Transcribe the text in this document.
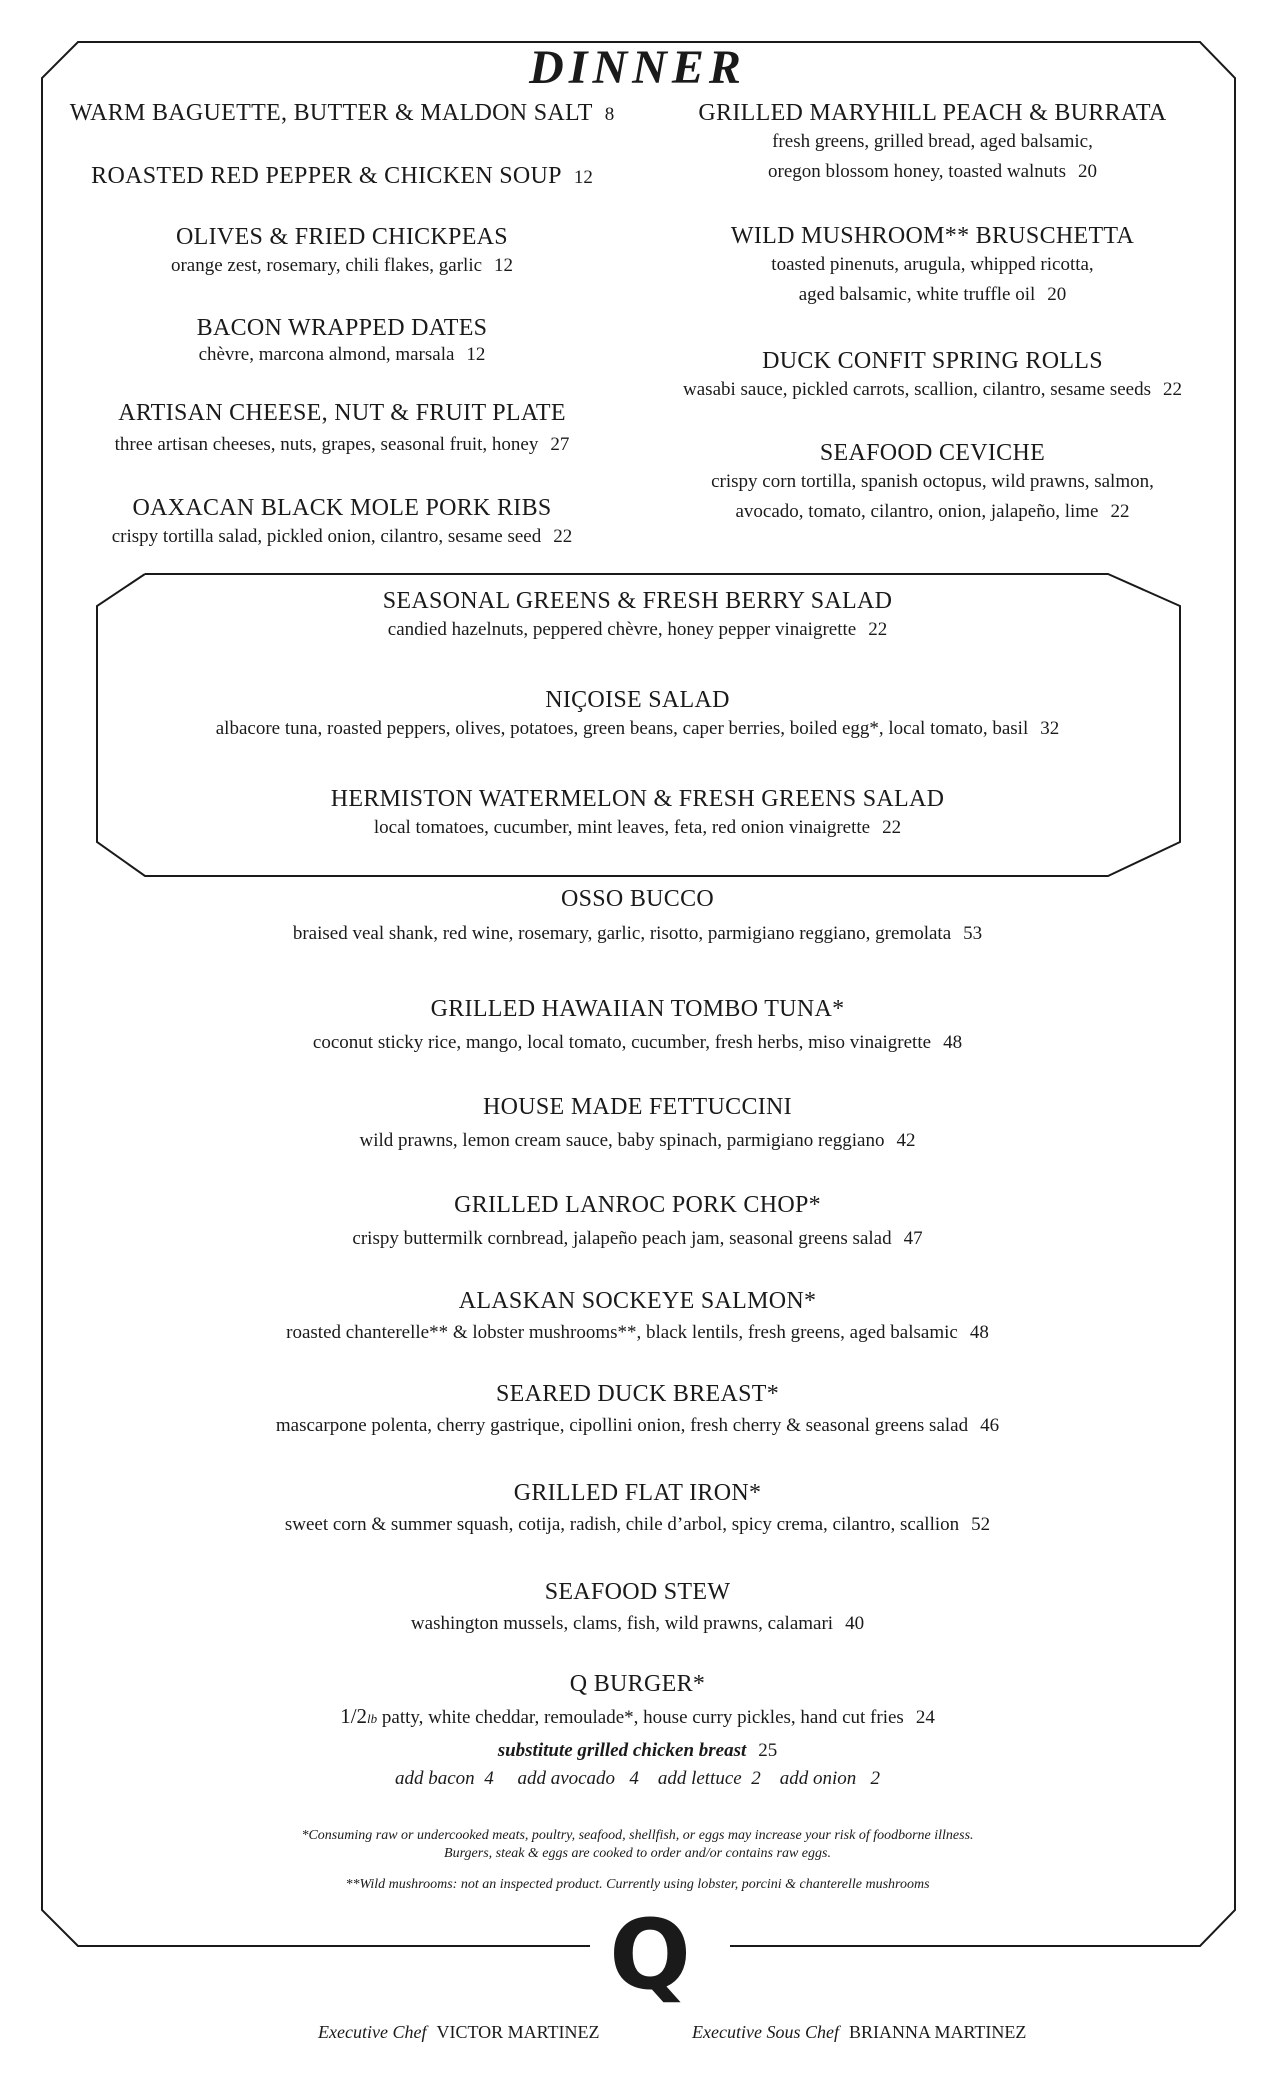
DINNER
WARM BAGUETTE, BUTTER & MALDON SALT 8
ROASTED RED PEPPER & CHICKEN SOUP 12
OLIVES & FRIED CHICKPEAS
orange zest, rosemary, chili flakes, garlic 12
BACON WRAPPED DATES
chèvre, marcona almond, marsala 12
ARTISAN CHEESE, NUT & FRUIT PLATE
three artisan cheeses, nuts, grapes, seasonal fruit, honey 27
OAXACAN BLACK MOLE PORK RIBS
crispy tortilla salad, pickled onion, cilantro, sesame seed 22
GRILLED MARYHILL PEACH & BURRATA
fresh greens, grilled bread, aged balsamic,
oregon blossom honey, toasted walnuts 20
WILD MUSHROOM** BRUSCHETTA
toasted pinenuts, arugula, whipped ricotta,
aged balsamic, white truffle oil 20
DUCK CONFIT SPRING ROLLS
wasabi sauce, pickled carrots, scallion, cilantro, sesame seeds 22
SEAFOOD CEVICHE
crispy corn tortilla, spanish octopus, wild prawns, salmon,
avocado, tomato, cilantro, onion, jalapeño, lime 22
SEASONAL GREENS & FRESH BERRY SALAD
candied hazelnuts, peppered chèvre, honey pepper vinaigrette 22
NIÇOISE SALAD
albacore tuna, roasted peppers, olives, potatoes, green beans, caper berries, boiled egg*, local tomato, basil 32
HERMISTON WATERMELON & FRESH GREENS SALAD
local tomatoes, cucumber, mint leaves, feta, red onion vinaigrette 22
OSSO BUCCO
braised veal shank, red wine, rosemary, garlic, risotto, parmigiano reggiano, gremolata 53
GRILLED HAWAIIAN TOMBO TUNA*
coconut sticky rice, mango, local tomato, cucumber, fresh herbs, miso vinaigrette 48
HOUSE MADE FETTUCCINI
wild prawns, lemon cream sauce, baby spinach, parmigiano reggiano 42
GRILLED LANROC PORK CHOP*
crispy buttermilk cornbread, jalapeño peach jam, seasonal greens salad 47
ALASKAN SOCKEYE SALMON*
roasted chanterelle** & lobster mushrooms**, black lentils, fresh greens, aged balsamic 48
SEARED DUCK BREAST*
mascarpone polenta, cherry gastrique, cipollini onion, fresh cherry & seasonal greens salad 46
GRILLED FLAT IRON*
sweet corn & summer squash, cotija, radish, chile d’arbol, spicy crema, cilantro, scallion 52
SEAFOOD STEW
washington mussels, clams, fish, wild prawns, calamari 40
Q BURGER*
1/2lb patty, white cheddar, remoulade*, house curry pickles, hand cut fries 24
substitute grilled chicken breast 25
add bacon 4 add avocado 4 add lettuce 2 add onion 2
*Consuming raw or undercooked meats, poultry, seafood, shellfish, or eggs may increase your risk of foodborne illness.
Burgers, steak & eggs are cooked to order and/or contains raw eggs.
**Wild mushrooms: not an inspected product. Currently using lobster, porcini & chanterelle mushrooms
Q
Executive Chef VICTOR MARTINEZ	Executive Sous Chef BRIANNA MARTINEZ
